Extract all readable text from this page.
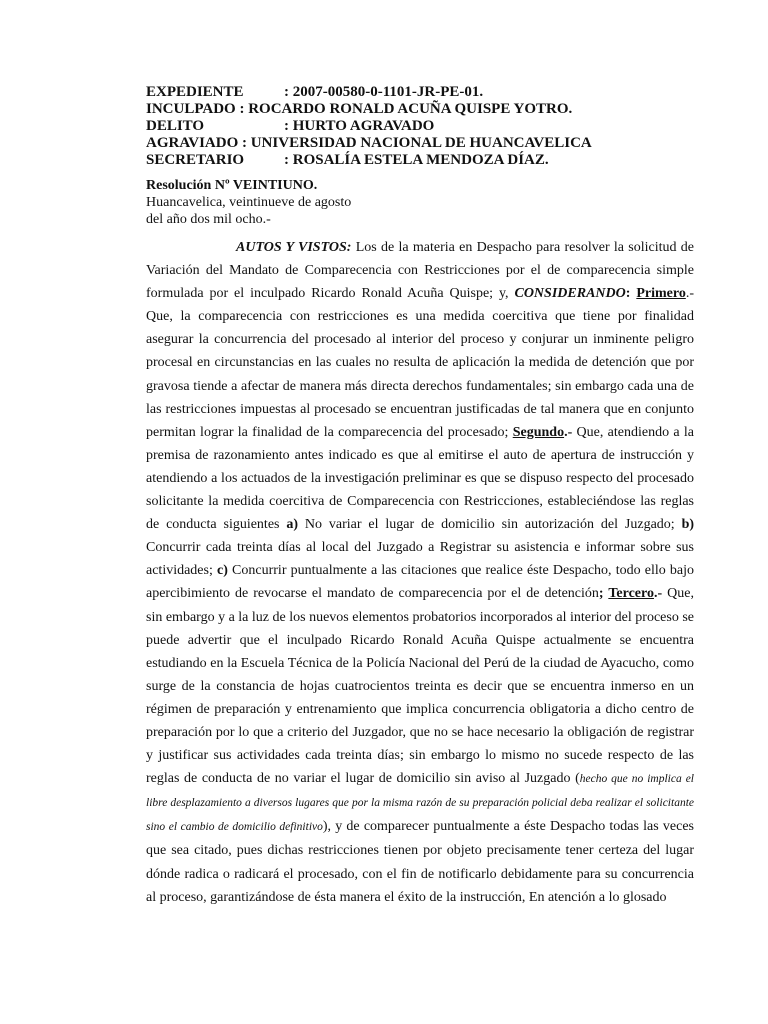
EXPEDIENTE	: 2007-00580-0-1101-JR-PE-01.
INCULPADO : ROCARDO RONALD ACUÑA QUISPE YOTRO.
DELITO	: HURTO AGRAVADO
AGRAVIADO : UNIVERSIDAD NACIONAL DE HUANCAVELICA
SECRETARIO	: ROSALÍA ESTELA MENDOZA DÍAZ.
Resolución Nº VEINTIUNO.
Huancavelica, veintinueve de agosto
del año dos mil ocho.-
AUTOS Y VISTOS: Los de la materia en Despacho para resolver la solicitud de Variación del Mandato de Comparecencia con Restricciones por el de comparecencia simple formulada por el inculpado Ricardo Ronald Acuña Quispe; y, CONSIDERANDO: Primero.- Que, la comparecencia con restricciones es una medida coercitiva que tiene por finalidad asegurar la concurrencia del procesado al interior del proceso y conjurar un inminente peligro procesal en circunstancias en las cuales no resulta de aplicación la medida de detención que por gravosa tiende a afectar de manera más directa derechos fundamentales; sin embargo cada una de las restricciones impuestas al procesado se encuentran justificadas de tal manera que en conjunto permitan lograr la finalidad de la comparecencia del procesado; Segundo.- Que, atendiendo a la premisa de razonamiento antes indicado es que al emitirse el auto de apertura de instrucción y atendiendo a los actuados de la investigación preliminar es que se dispuso respecto del procesado solicitante la medida coercitiva de Comparecencia con Restricciones, estableciéndose las reglas de conducta siguientes a) No variar el lugar de domicilio sin autorización del Juzgado; b) Concurrir cada treinta días al local del Juzgado a Registrar su asistencia e informar sobre sus actividades; c) Concurrir puntualmente a las citaciones que realice éste Despacho, todo ello bajo apercibimiento de revocarse el mandato de comparecencia por el de detención; Tercero.- Que, sin embargo y a la luz de los nuevos elementos probatorios incorporados al interior del proceso se puede advertir que el inculpado Ricardo Ronald Acuña Quispe actualmente se encuentra estudiando en la Escuela Técnica de la Policía Nacional del Perú de la ciudad de Ayacucho, como surge de la constancia de hojas cuatrocientos treinta es decir que se encuentra inmerso en un régimen de preparación y entrenamiento que implica concurrencia obligatoria a dicho centro de preparación por lo que a criterio del Juzgador, que no se hace necesario la obligación de registrar y justificar sus actividades cada treinta días; sin embargo lo mismo no sucede respecto de las reglas de conducta de no variar el lugar de domicilio sin aviso al Juzgado (hecho que no implica el libre desplazamiento a diversos lugares que por la misma razón de su preparación policial deba realizar el solicitante sino el cambio de domicilio definitivo), y de comparecer puntualmente a éste Despacho todas las veces que sea citado, pues dichas restricciones tienen por objeto precisamente tener certeza del lugar dónde radica o radicará el procesado, con el fin de notificarlo debidamente para su concurrencia al proceso, garantizándose de ésta manera el éxito de la instrucción, En atención a lo glosado
